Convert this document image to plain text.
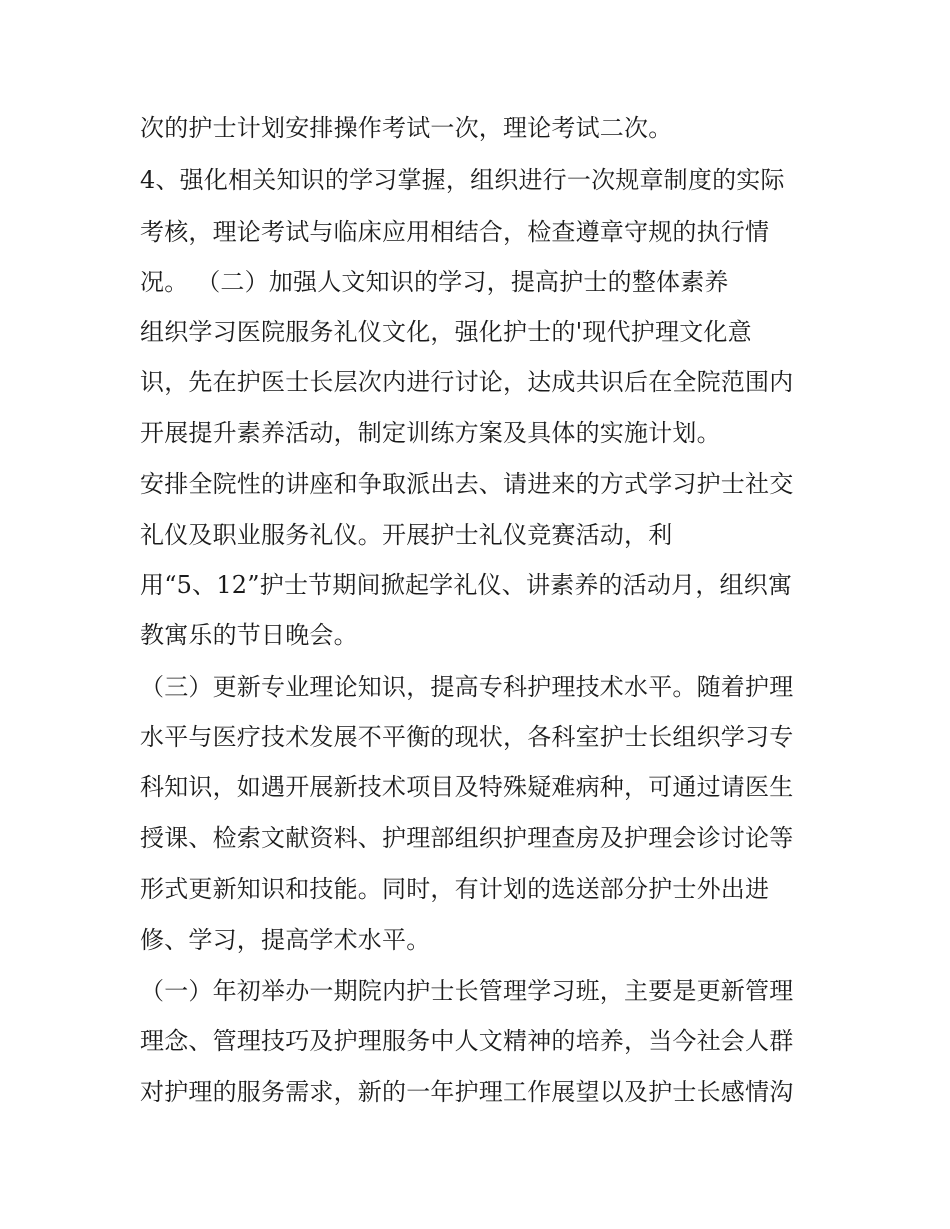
次的护士计划安排操作考试一次，理论考试二次。
4、强化相关知识的学习掌握，组织进行一次规章制度的实际
考核，理论考试与临床应用相结合，检查遵章守规的执行情
况。 （二）加强人文知识的学习，提高护士的整体素养
组织学习医院服务礼仪文化，强化护士的'现代护理文化意
识，先在护医士长层次内进行讨论，达成共识后在全院范围内
开展提升素养活动，制定训练方案及具体的实施计划。
安排全院性的讲座和争取派出去、请进来的方式学习护士社交
礼仪及职业服务礼仪。开展护士礼仪竞赛活动，利
用“5、12”护士节期间掀起学礼仪、讲素养的活动月，组织寓
教寓乐的节日晚会。
（三）更新专业理论知识，提高专科护理技术水平。随着护理
水平与医疗技术发展不平衡的现状，各科室护士长组织学习专
科知识，如遇开展新技术项目及特殊疑难病种，可通过请医生
授课、检索文献资料、护理部组织护理查房及护理会诊讨论等
形式更新知识和技能。同时，有计划的选送部分护士外出进
修、学习，提高学术水平。
（一）年初举办一期院内护士长管理学习班，主要是更新管理
理念、管理技巧及护理服务中人文精神的培养，当今社会人群
对护理的服务需求，新的一年护理工作展望以及护士长感情沟
